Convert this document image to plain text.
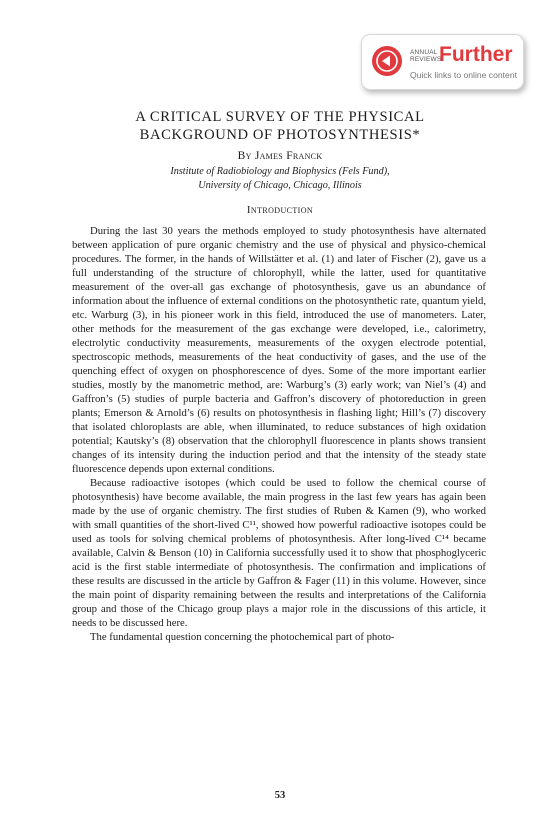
ANNUAL
REVIEWS
Further
Quick links to online content
A CRITICAL SURVEY OF THE PHYSICAL
BACKGROUND OF PHOTOSYNTHESIS*
By James Franck
Institute of Radiobiology and Biophysics (Fels Fund),
University of Chicago, Chicago, Illinois
Introduction

During the last 30 years the methods employed to study photosynthesis have alternated between application of pure organic chemistry and the use of physical and physico-chemical procedures. The former, in the hands of Willstätter et al. (1) and later of Fischer (2), gave us a full understanding of the structure of chlorophyll, while the latter, used for quantitative measurement of the over-all gas exchange of photosynthesis, gave us an abundance of information about the influence of external conditions on the photosynthetic rate, quantum yield, etc. Warburg (3), in his pioneer work in this field, introduced the use of manometers. Later, other methods for the measurement of the gas exchange were developed, i.e., calorimetry, electrolytic conductivity measurements, measurements of the oxygen electrode potential, spectroscopic methods, measurements of the heat conductivity of gases, and the use of the quenching effect of oxygen on phosphorescence of dyes. Some of the more important earlier studies, mostly by the manometric method, are: Warburg’s (3) early work; van Niel’s (4) and Gaffron’s (5) studies of purple bacteria and Gaffron’s discovery of photoreduction in green plants; Emerson & Arnold’s (6) results on photosynthesis in flashing light; Hill’s (7) discovery that isolated chloroplasts are able, when illuminated, to reduce substances of high oxidation potential; Kautsky’s (8) observation that the chlorophyll fluorescence in plants shows transient changes of its intensity during the induction period and that the intensity of the steady state fluorescence depends upon external conditions.

Because radioactive isotopes (which could be used to follow the chemical course of photosynthesis) have become available, the main progress in the last few years has again been made by the use of organic chemistry. The first studies of Ruben & Kamen (9), who worked with small quantities of the short-lived C¹¹, showed how powerful radioactive isotopes could be used as tools for solving chemical problems of photosynthesis. After long-lived C¹⁴ became available, Calvin & Benson (10) in California successfully used it to show that phosphoglyceric acid is the first stable intermediate of photosynthesis. The confirmation and implications of these results are discussed in the article by Gaffron & Fager (11) in this volume. However, since the main point of disparity remaining between the results and interpretations of the California group and those of the Chicago group plays a major role in the discussions of this article, it needs to be discussed here.

The fundamental question concerning the photochemical part of photo-

53
